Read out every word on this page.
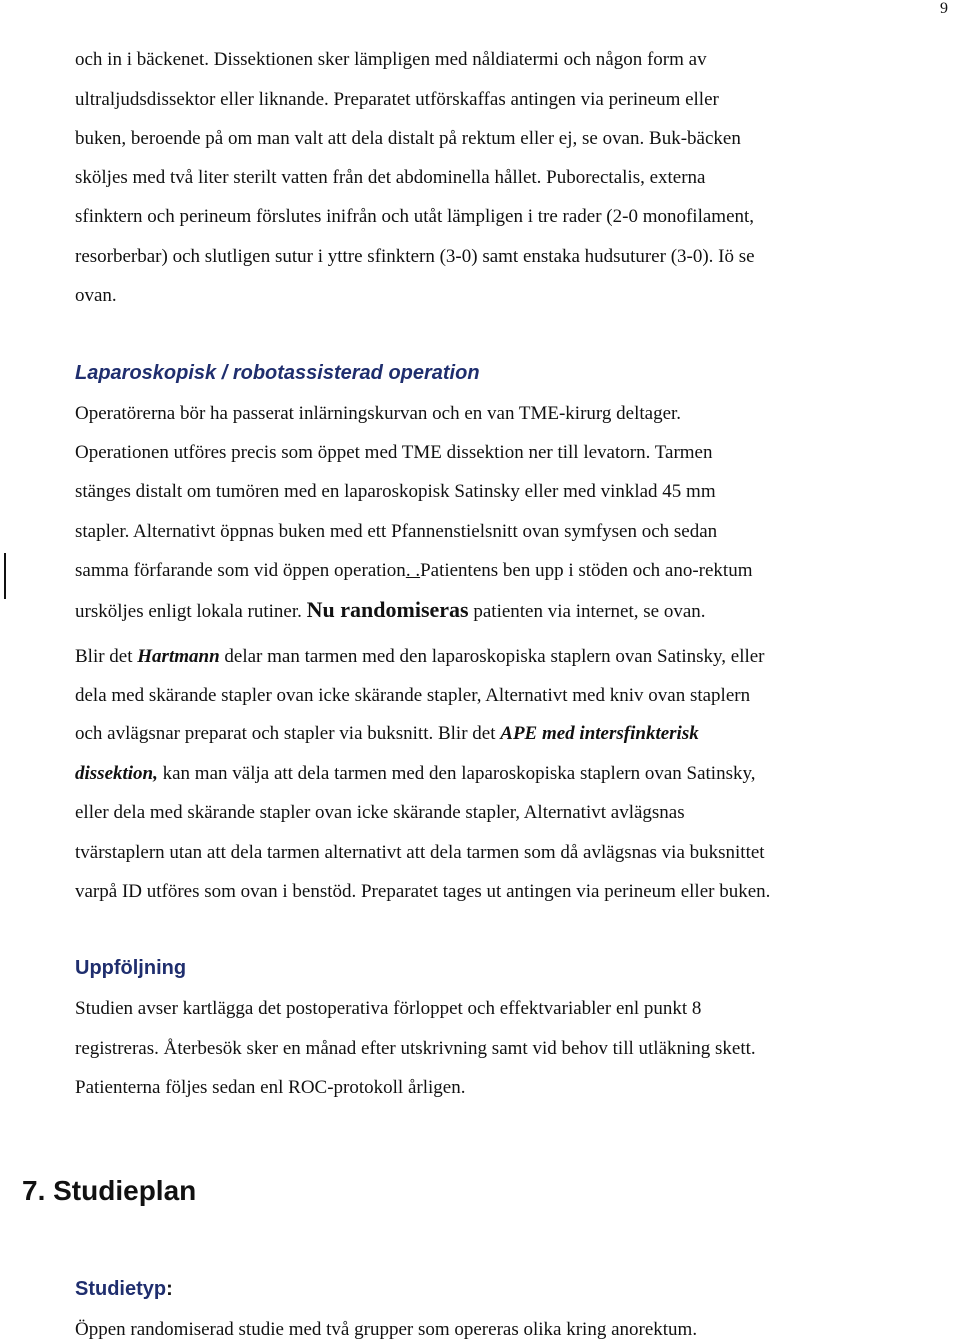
9
och in i bäckenet. Dissektionen sker lämpligen med nåldiatermi och någon form av
ultraljudsdissektor eller liknande. Preparatet utförskaffas antingen via perineum eller
buken, beroende på om man valt att dela distalt på rektum eller ej, se ovan. Buk-bäcken
sköljes med två liter sterilt vatten från det abdominella hållet. Puborectalis, externa
sfinktern och perineum förslutes inifrån och utåt lämpligen i tre rader (2-0 monofilament,
resorberbar) och slutligen sutur i yttre sfinktern (3-0) samt enstaka hudsuturer (3-0). Iö se
ovan.
Laparoskopisk / robotassisterad operation
Operatörerna bör ha passerat inlärningskurvan och en van TME-kirurg deltager.
Operationen utföres precis som öppet med TME dissektion ner till levatorn. Tarmen
stänges distalt om tumören med en laparoskopisk Satinsky eller med vinklad 45 mm
stapler. Alternativt öppnas buken med ett Pfannenstielsnitt ovan symfysen och sedan
samma förfarande som vid öppen operation. .Patientens ben upp i stöden och ano-rektum
ursköljes enligt lokala rutiner. Nu randomiseras patienten via internet, se ovan.
Blir det Hartmann delar man tarmen med den laparoskopiska staplern ovan Satinsky, eller
dela med skärande stapler ovan icke skärande stapler, Alternativt med kniv ovan staplern
och avlägsnar preparat och stapler via buksnitt. Blir det APE med intersfinkterisk
dissektion, kan man välja att dela tarmen med den laparoskopiska staplern ovan Satinsky,
eller dela med skärande stapler ovan icke skärande stapler, Alternativt avlägsnas
tvärstaplern utan att dela tarmen alternativt att dela tarmen som då avlägsnas via buksnittet
varpå ID utföres som ovan i benstöd. Preparatet tages ut antingen via perineum eller buken.
Uppföljning
Studien avser kartlägga det postoperativa förloppet och effektvariabler enl punkt 8
registreras. Återbesök sker en månad efter utskrivning samt vid behov till utläkning skett.
Patienterna följes sedan enl ROC-protokoll årligen.
7. Studieplan
Studietyp:
Öppen randomiserad studie med två grupper som opereras olika kring anorektum.
